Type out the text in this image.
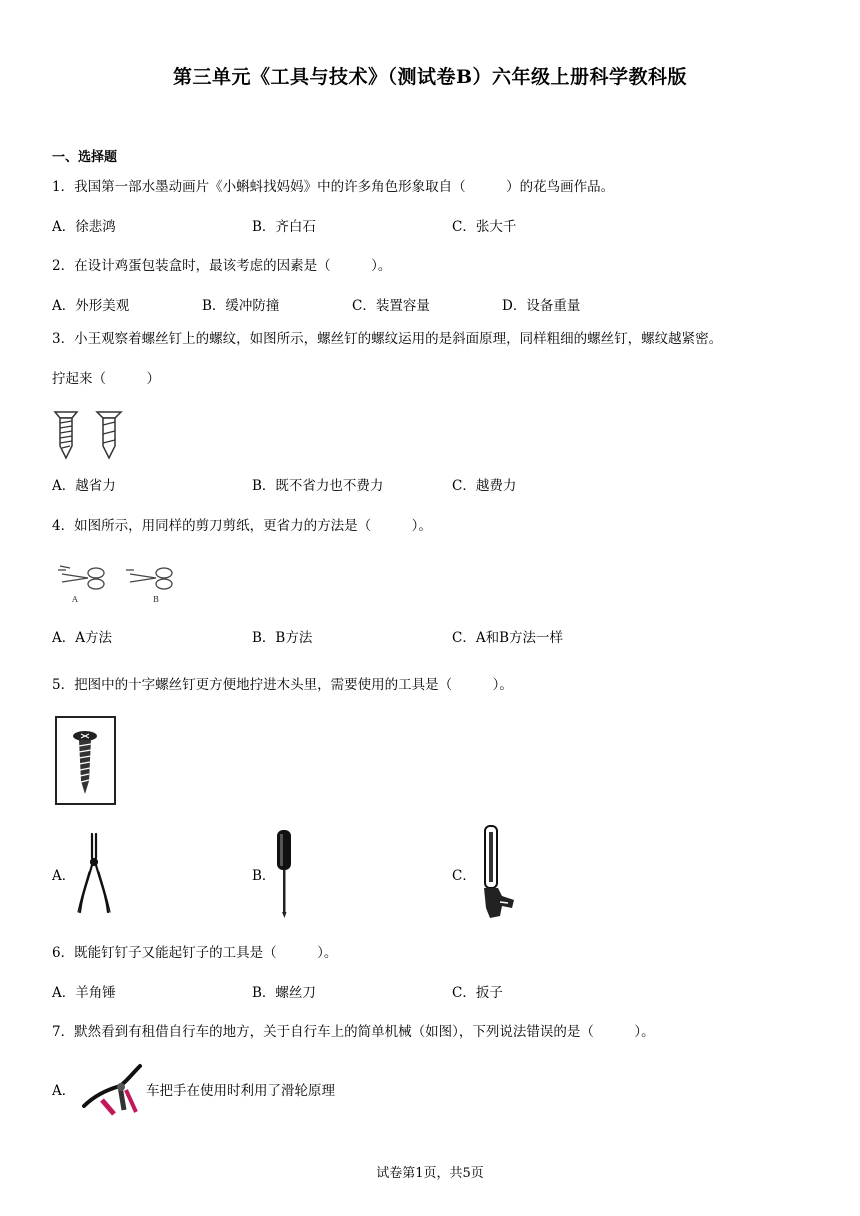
第三单元《工具与技术》（测试卷B）六年级上册科学教科版
一、选择题
1．我国第一部水墨动画片《小蝌蚪找妈妈》中的许多角色形象取自（　　　）的花鸟画作品。
A．徐悲鸿	B．齐白石	C．张大千
2．在设计鸡蛋包装盒时，最该考虑的因素是（　　　）。
A．外形美观	B．缓冲防撞	C．装置容量	D．设备重量
3．小王观察着螺丝钉上的螺纹，如图所示，螺丝钉的螺纹运用的是斜面原理，同样粗细的螺丝钉，螺纹越紧密。
拧起来（　　　）
A．越省力	B．既不省力也不费力	C．越费力
4．如图所示，用同样的剪刀剪纸，更省力的方法是（　　　）。
A	B
A．A方法	B．B方法	C．A和B方法一样
5．把图中的十字螺丝钉更方便地拧进木头里，需要使用的工具是（　　　）。
A．	B．	C．
6．既能钉钉子又能起钉子的工具是（　　　）。
A．羊角锤	B．螺丝刀	C．扳子
7．默然看到有租借自行车的地方，关于自行车上的简单机械（如图），下列说法错误的是（　　　）。
A．	车把手在使用时利用了滑轮原理
试卷第1页，共5页
